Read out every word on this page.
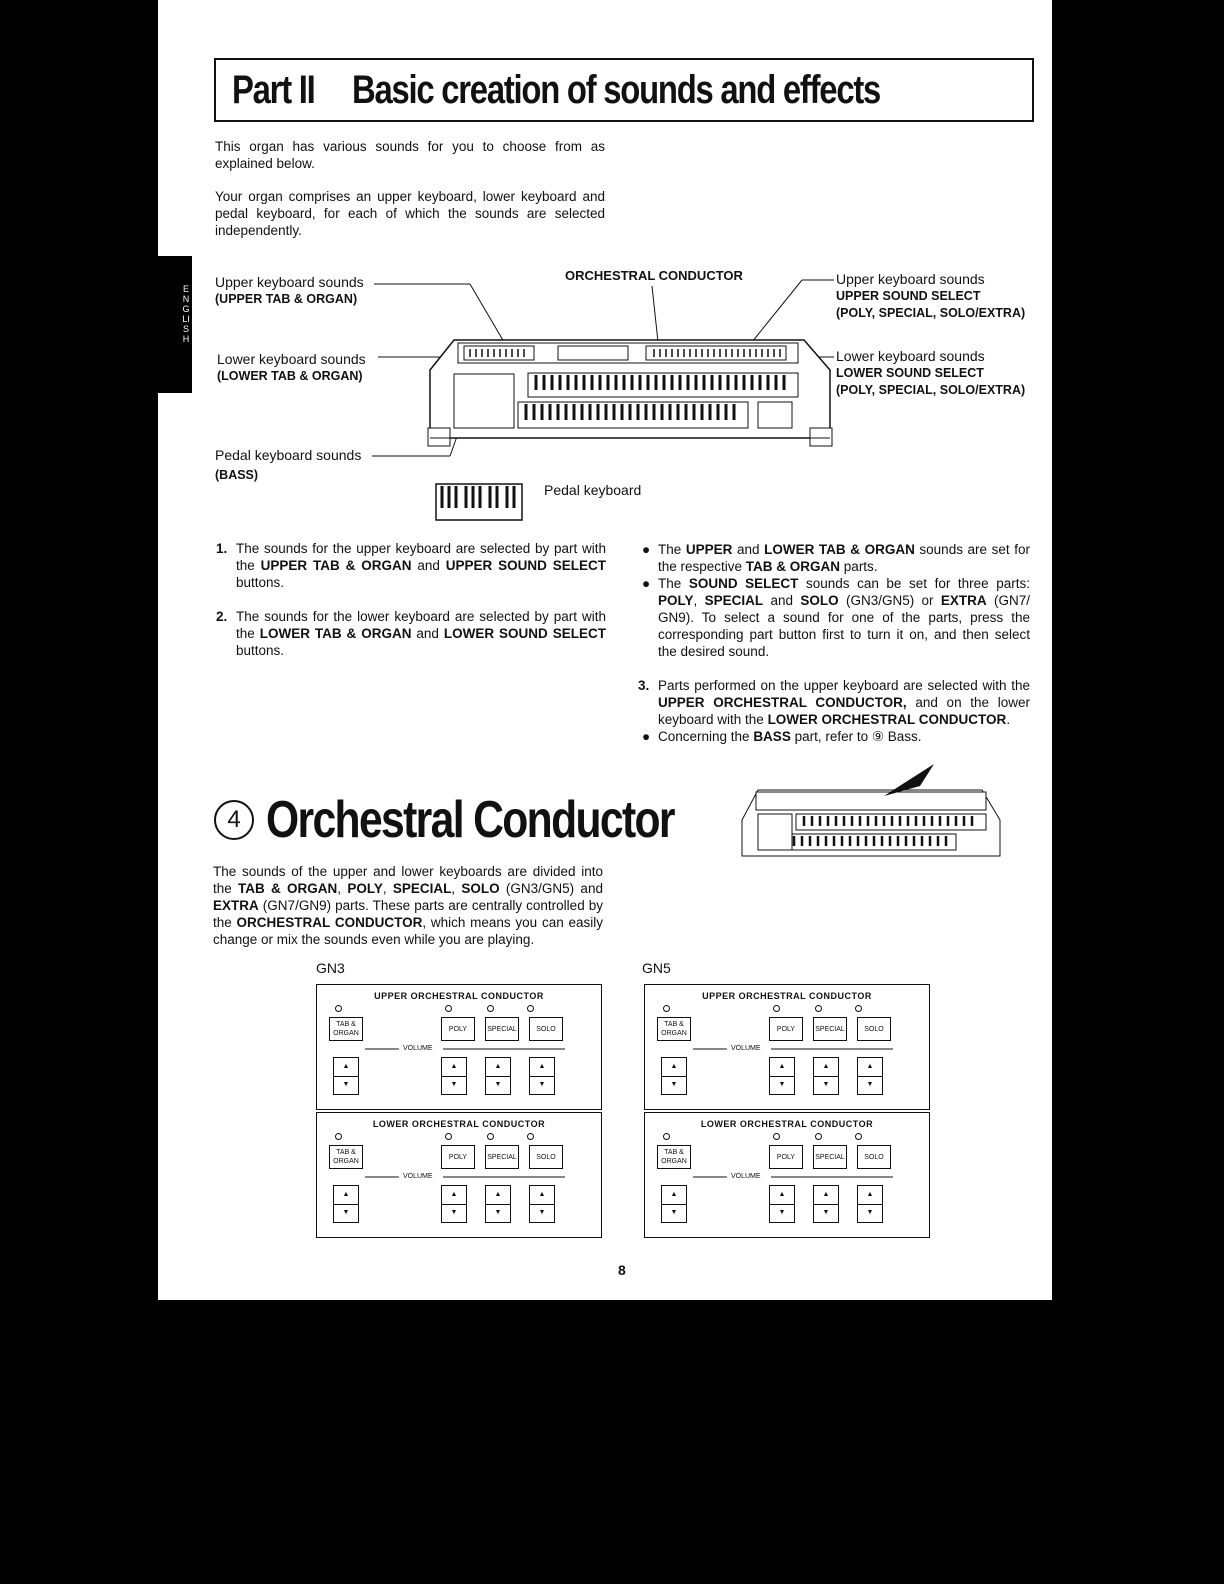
Part II Basic creation of sounds and effects
ENGLISH
This organ has various sounds for you to choose from as explained below.
Your organ comprises an upper keyboard, lower keyboard and pedal keyboard, for each of which the sounds are selected independently.
Upper keyboard sounds
(UPPER TAB & ORGAN)
Lower keyboard sounds
(LOWER TAB & ORGAN)
Pedal keyboard sounds
(BASS)
ORCHESTRAL CONDUCTOR	Upper keyboard sounds
UPPER SOUND SELECT
(POLY, SPECIAL, SOLO/EXTRA)
Lower keyboard sounds
LOWER SOUND SELECT
(POLY, SPECIAL, SOLO/EXTRA)
Pedal keyboard
1. The sounds for the upper keyboard are selected by part with the UPPER TAB & ORGAN and UPPER SOUND SELECT buttons.
2. The sounds for the lower keyboard are selected by part with the LOWER TAB & ORGAN and LOWER SOUND SELECT buttons.
● The UPPER and LOWER TAB & ORGAN sounds are set for the respective TAB & ORGAN parts.
● The SOUND SELECT sounds can be set for three parts: POLY, SPECIAL and SOLO (GN3/GN5) or EXTRA (GN7/ GN9). To select a sound for one of the parts, press the corresponding part button first to turn it on, and then select the desired sound.
3. Parts performed on the upper keyboard are selected with the UPPER ORCHESTRAL CONDUCTOR, and on the lower keyboard with the LOWER ORCHESTRAL CONDUCTOR.
● Concerning the BASS part, refer to ⑨ Bass.
4 Orchestral Conductor
The sounds of the upper and lower keyboards are divided into the TAB & ORGAN, POLY, SPECIAL, SOLO (GN3/GN5) and EXTRA (GN7/GN9) parts. These parts are centrally controlled by the ORCHESTRAL CONDUCTOR, which means you can easily change or mix the sounds even while you are playing.
GN3	GN5
UPPER ORCHESTRAL CONDUCTOR
TAB & ORGAN
POLY	SPECIAL	SOLO
VOLUME
▲
▼
▲
▼
▲
▼
▲
▼
LOWER ORCHESTRAL CONDUCTOR
TAB & ORGAN
POLY	SPECIAL	SOLO
VOLUME
▲
▼
▲
▼
▲
▼
▲
▼
UPPER ORCHESTRAL CONDUCTOR
TAB & ORGAN
POLY	SPECIAL	SOLO
VOLUME
▲
▼
▲
▼
▲
▼
▲
▼
LOWER ORCHESTRAL CONDUCTOR
TAB & ORGAN
POLY	SPECIAL	SOLO
VOLUME
▲
▼
▲
▼
▲
▼
▲
▼
8
